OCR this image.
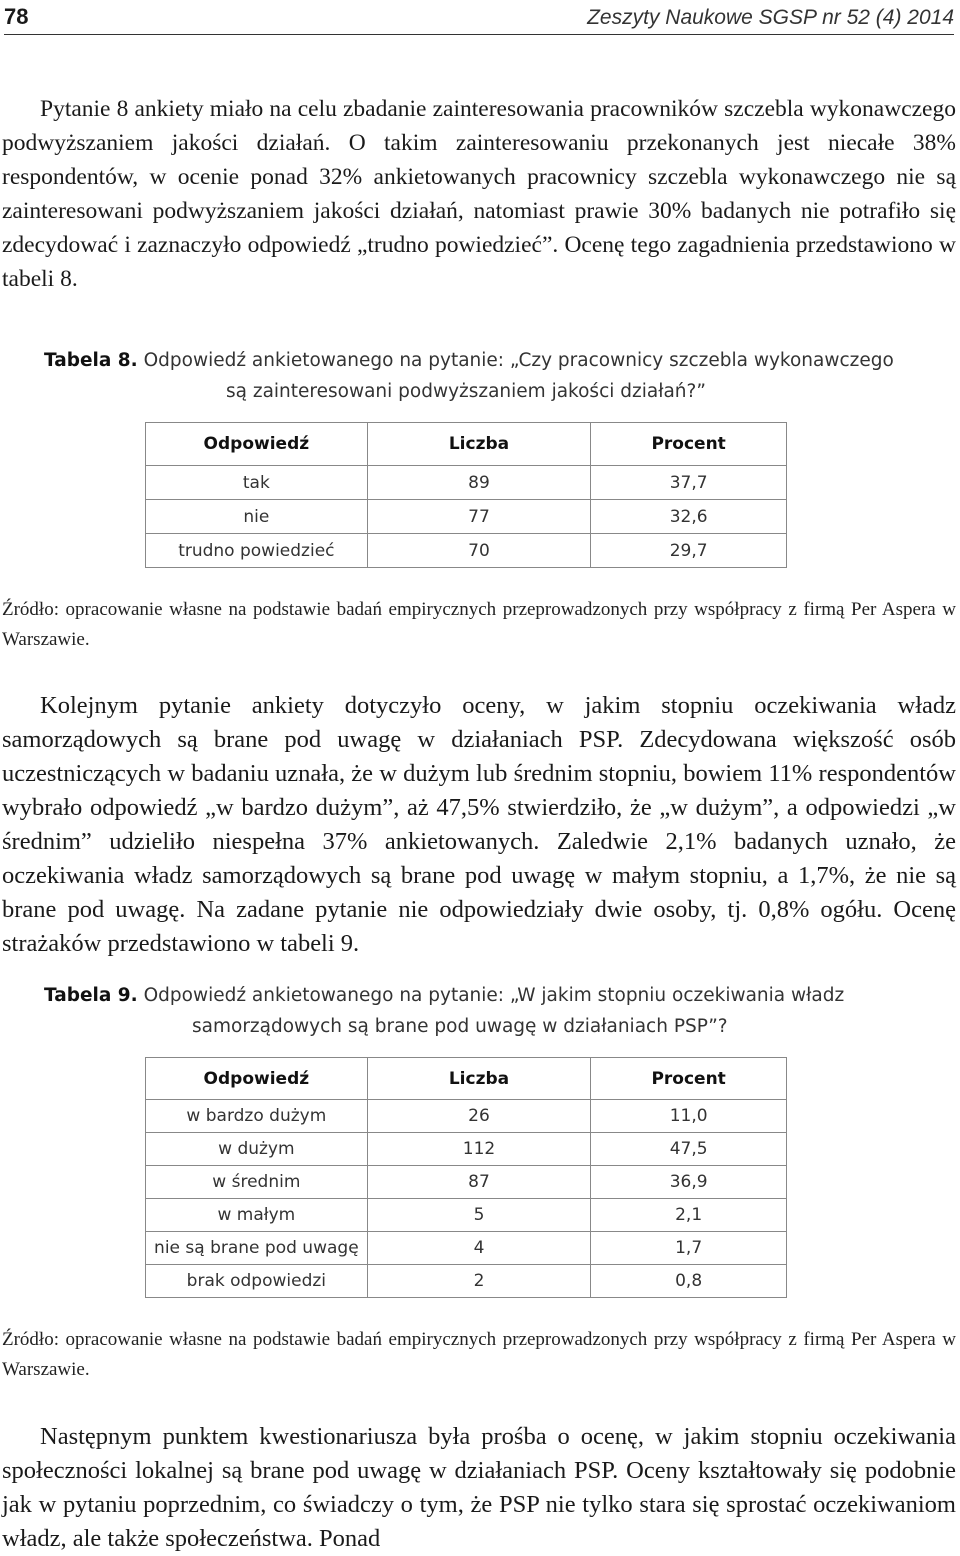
78	Zeszyty Naukowe SGSP nr 52 (4) 2014

Pytanie 8 ankiety miało na celu zbadanie zainteresowania pracowników szczebla wykonawczego podwyższaniem jakości działań. O takim zainteresowaniu przekonanych jest niecałe 38% respondentów, w ocenie ponad 32% ankietowanych pracownicy szczebla wykonawczego nie są zainteresowani podwyższaniem jakości działań, natomiast prawie 30% badanych nie potrafiło się zdecydować i zaznaczyło odpowiedź „trudno powiedzieć”. Ocenę tego zagadnienia przedstawiono w tabeli 8.

Tabela 8. Odpowiedź ankietowanego na pytanie: „Czy pracownicy szczebla wykonawczego
są zainteresowani podwyższaniem jakości działań?”
Odpowiedź	Liczba	Procent
tak	89	37,7
nie	77	32,6
trudno powiedzieć	70	29,7

Źródło: opracowanie własne na podstawie badań empirycznych przeprowadzonych przy współpracy z firmą Per Aspera w Warszawie.

Kolejnym pytanie ankiety dotyczyło oceny, w jakim stopniu oczekiwania władz samorządowych są brane pod uwagę w działaniach PSP. Zdecydowana większość osób uczestniczących w badaniu uznała, że w dużym lub średnim stopniu, bowiem 11% respondentów wybrało odpowiedź „w bardzo dużym”, aż 47,5% stwierdziło, że „w dużym”, a odpowiedzi „w średnim” udzieliło niespełna 37% ankietowanych. Zaledwie 2,1% badanych uznało, że oczekiwania władz samorządowych są brane pod uwagę w małym stopniu, a 1,7%, że nie są brane pod uwagę. Na zadane pytanie nie odpowiedziały dwie osoby, tj. 0,8% ogółu. Ocenę strażaków przedstawiono w tabeli 9.

Tabela 9. Odpowiedź ankietowanego na pytanie: „W jakim stopniu oczekiwania władz
samorządowych są brane pod uwagę w działaniach PSP”?
Odpowiedź	Liczba	Procent
w bardzo dużym	26	11,0
w dużym	112	47,5
w średnim	87	36,9
w małym	5	2,1
nie są brane pod uwagę	4	1,7
brak odpowiedzi	2	0,8

Źródło: opracowanie własne na podstawie badań empirycznych przeprowadzonych przy współpracy z firmą Per Aspera w Warszawie.

Następnym punktem kwestionariusza była prośba o ocenę, w jakim stopniu oczekiwania społeczności lokalnej są brane pod uwagę w działaniach PSP. Oceny kształtowały się podobnie jak w pytaniu poprzednim, co świadczy o tym, że PSP nie tylko stara się sprostać oczekiwaniom władz, ale także społeczeństwa. Ponad
